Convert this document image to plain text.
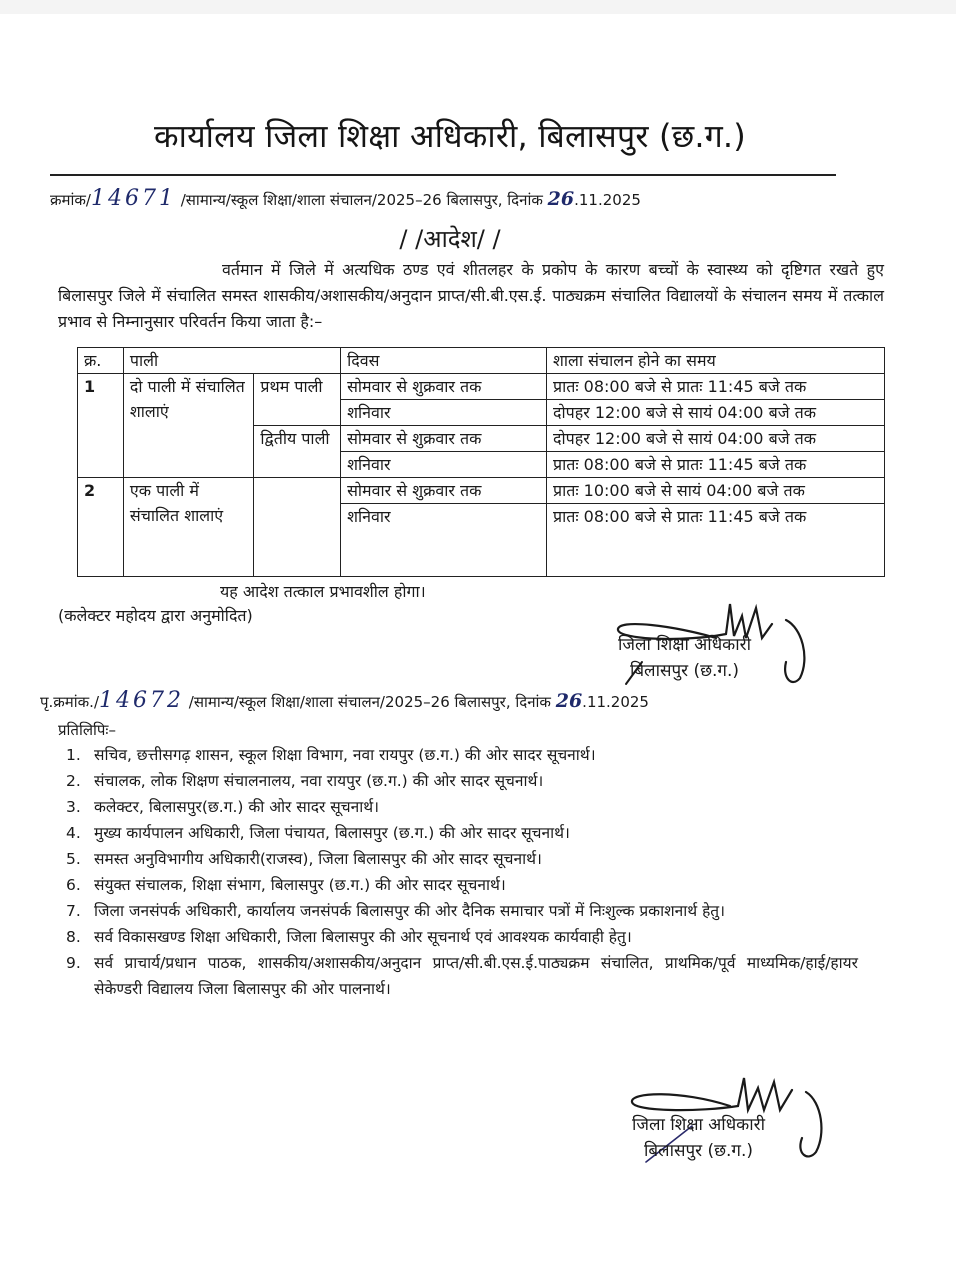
कार्यालय जिला शिक्षा अधिकारी, बिलासपुर (छ.ग.)
क्रमांक/14671 /सामान्य/स्कूल शिक्षा/शाला संचालन/2025–26 बिलासपुर, दिनांक 26.11.2025
/ /आदेश/ /
वर्तमान में जिले में अत्यधिक ठण्ड एवं शीतलहर के प्रकोप के कारण बच्चों के स्वास्थ्य को दृष्टिगत रखते हुए बिलासपुर जिले में संचालित समस्त शासकीय/अशासकीय/अनुदान प्राप्त/सी.बी.एस.ई. पाठ्यक्रम संचालित विद्यालयों के संचालन समय में तत्काल प्रभाव से निम्नानुसार परिवर्तन किया जाता है:–
क्र.	पाली		दिवस	शाला संचालन होने का समय
1	दो पाली में संचालित शालाएं	प्रथम पाली	सोमवार से शुक्रवार तक	प्रातः 08:00 बजे से प्रातः 11:45 बजे तक
			शनिवार	दोपहर 12:00 बजे से सायं 04:00 बजे तक
		द्वितीय पाली	सोमवार से शुक्रवार तक	दोपहर 12:00 बजे से सायं 04:00 बजे तक
			शनिवार	प्रातः 08:00 बजे से प्रातः 11:45 बजे तक
2	एक पाली में संचालित शालाएं		सोमवार से शुक्रवार तक	प्रातः 10:00 बजे से सायं 04:00 बजे तक
			शनिवार	प्रातः 08:00 बजे से प्रातः 11:45 बजे तक
यह आदेश तत्काल प्रभावशील होगा।
(कलेक्टर महोदय द्वारा अनुमोदित)
जिला शिक्षा अधिकारी
बिलासपुर (छ.ग.)
पृ.क्रमांक./14672 /सामान्य/स्कूल शिक्षा/शाला संचालन/2025–26 बिलासपुर, दिनांक 26.11.2025
प्रतिलिपिः–
1. सचिव, छत्तीसगढ़ शासन, स्कूल शिक्षा विभाग, नवा रायपुर (छ.ग.) की ओर सादर सूचनार्थ।
2. संचालक, लोक शिक्षण संचालनालय, नवा रायपुर (छ.ग.) की ओर सादर सूचनार्थ।
3. कलेक्टर, बिलासपुर(छ.ग.) की ओर सादर सूचनार्थ।
4. मुख्य कार्यपालन अधिकारी, जिला पंचायत, बिलासपुर (छ.ग.) की ओर सादर सूचनार्थ।
5. समस्त अनुविभागीय अधिकारी(राजस्व), जिला बिलासपुर की ओर सादर सूचनार्थ।
6. संयुक्त संचालक, शिक्षा संभाग, बिलासपुर (छ.ग.) की ओर सादर सूचनार्थ।
7. जिला जनसंपर्क अधिकारी, कार्यालय जनसंपर्क बिलासपुर की ओर दैनिक समाचार पत्रों में निःशुल्क प्रकाशनार्थ हेतु।
8. सर्व विकासखण्ड शिक्षा अधिकारी, जिला बिलासपुर की ओर सूचनार्थ एवं आवश्यक कार्यवाही हेतु।
9. सर्व प्राचार्य/प्रधान पाठक, शासकीय/अशासकीय/अनुदान प्राप्त/सी.बी.एस.ई.पाठ्यक्रम संचालित, प्राथमिक/पूर्व माध्यमिक/हाई/हायर सेकेण्डरी विद्यालय जिला बिलासपुर की ओर पालनार्थ।
जिला शिक्षा अधिकारी
बिलासपुर (छ.ग.)
